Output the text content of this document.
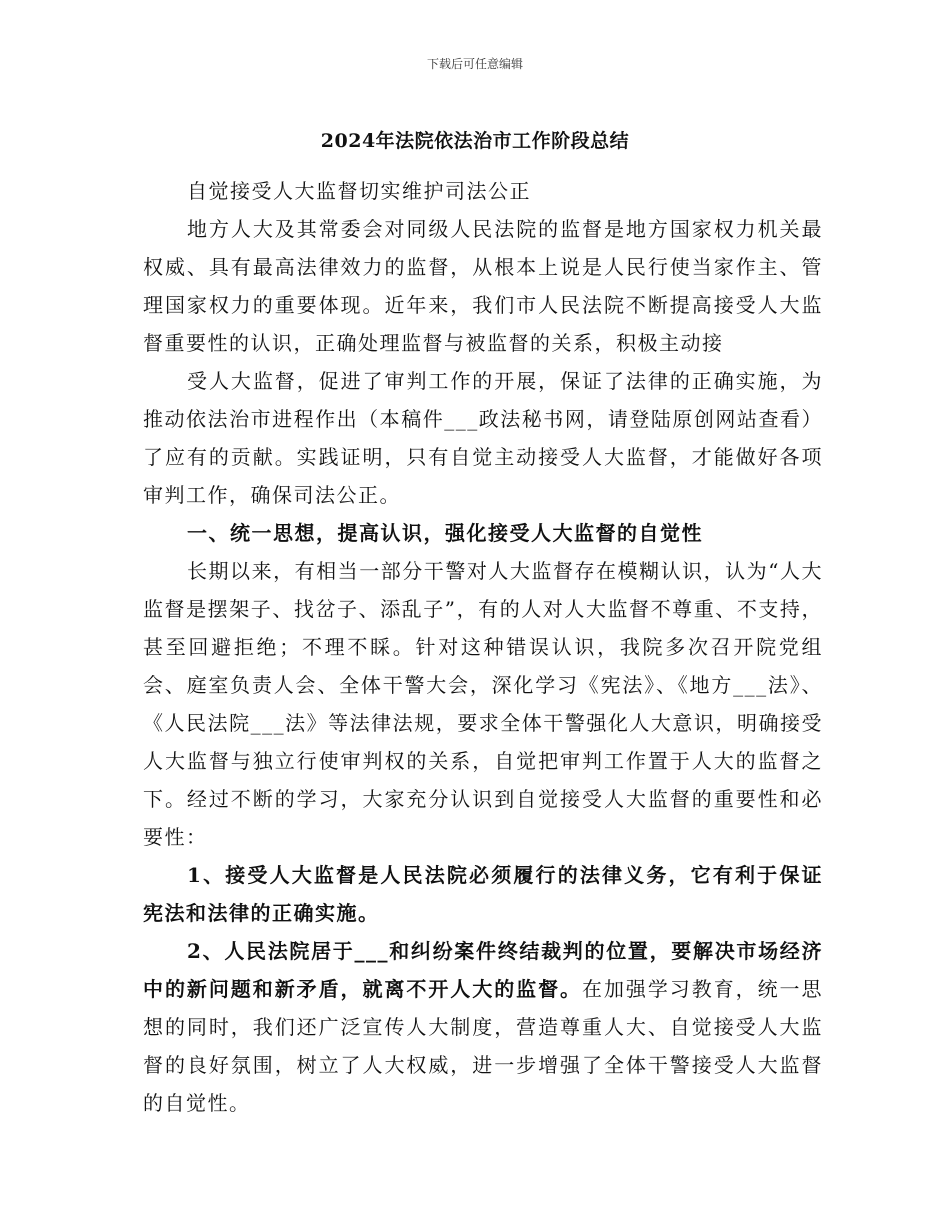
下载后可任意编辑
2024年法院依法治市工作阶段总结

自觉接受人大监督切实维护司法公正

地方人大及其常委会对同级人民法院的监督是地方国家权力机关最权威、具有最高法律效力的监督，从根本上说是人民行使当家作主、管理国家权力的重要体现。近年来，我们市人民法院不断提高接受人大监督重要性的认识，正确处理监督与被监督的关系，积极主动接

受人大监督，促进了审判工作的开展，保证了法律的正确实施，为推动依法治市进程作出（本稿件___政法秘书网，请登陆原创网站查看）了应有的贡献。实践证明，只有自觉主动接受人大监督，才能做好各项审判工作，确保司法公正。

一、统一思想，提高认识，强化接受人大监督的自觉性

长期以来，有相当一部分干警对人大监督存在模糊认识，认为“人大监督是摆架子、找岔子、添乱子”，有的人对人大监督不尊重、不支持，甚至回避拒绝；不理不睬。针对这种错误认识，我院多次召开院党组会、庭室负责人会、全体干警大会，深化学习《宪法》、《地方___法》、《人民法院___法》等法律法规，要求全体干警强化人大意识，明确接受人大监督与独立行使审判权的关系，自觉把审判工作置于人大的监督之下。经过不断的学习，大家充分认识到自觉接受人大监督的重要性和必要性：

1、接受人大监督是人民法院必须履行的法律义务，它有利于保证宪法和法律的正确实施。

2、人民法院居于___和纠纷案件终结裁判的位置，要解决市场经济中的新问题和新矛盾，就离不开人大的监督。在加强学习教育，统一思想的同时，我们还广泛宣传人大制度，营造尊重人大、自觉接受人大监督的良好氛围，树立了人大权威，进一步增强了全体干警接受人大监督的自觉性。
